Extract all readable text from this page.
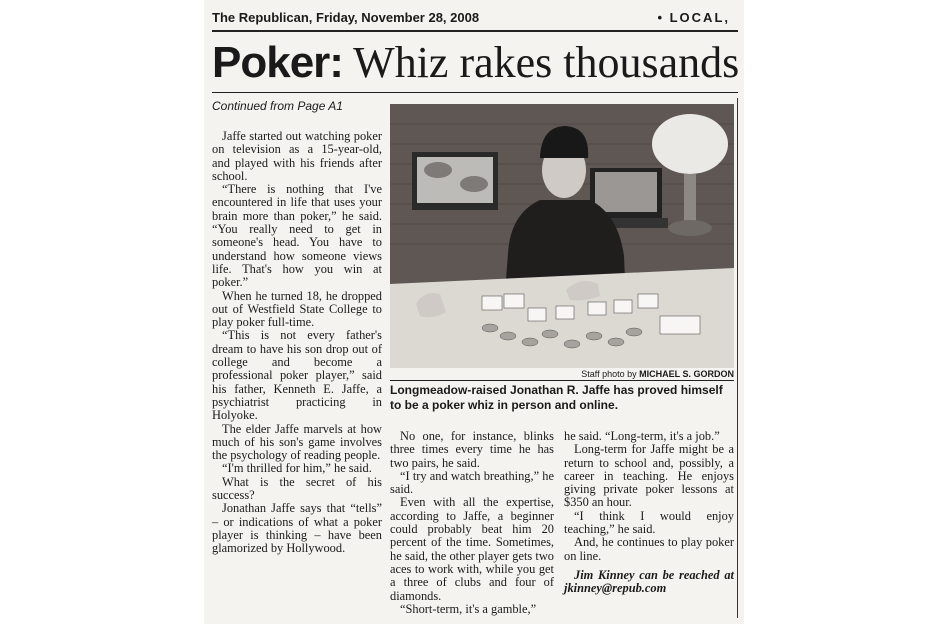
The Republican, Friday, November 28, 2008	• LOCAL,
Poker: Whiz rakes thousands
Continued from Page A1

Jaffe started out watching poker on television as a 15-year-old, and played with his friends after school.

“There is nothing that I've encountered in life that uses your brain more than poker,” he said. “You really need to get in someone's head. You have to understand how someone views life. That's how you win at poker.”

When he turned 18, he dropped out of Westfield State College to play poker full-time.

“This is not every father's dream to have his son drop out of college and become a professional poker player,” said his father, Kenneth E. Jaffe, a psychiatrist practicing in Holyoke.

The elder Jaffe marvels at how much of his son's game involves the psychology of reading people.

“I'm thrilled for him,” he said.

What is the secret of his success?

Jonathan Jaffe says that “tells” – or indications of what a poker player is thinking – have been glamorized by Hollywood.

Staff photo by MICHAEL S. GORDON
Longmeadow-raised Jonathan R. Jaffe has proved himself to be a poker whiz in person and online.

No one, for instance, blinks three times every time he has two pairs, he said.

“I try and watch breathing,” he said.

Even with all the expertise, according to Jaffe, a beginner could probably beat him 20 percent of the time. Sometimes, he said, the other player gets two aces to work with, while you get a three of clubs and four of diamonds.

“Short-term, it's a gamble,”

he said. “Long-term, it's a job.”

Long-term for Jaffe might be a return to school and, possibly, a career in teaching. He enjoys giving private poker lessons at $350 an hour.

“I think I would enjoy teaching,” he said.

And, he continues to play poker on line.

Jim Kinney can be reached at jkinney@repub.com
